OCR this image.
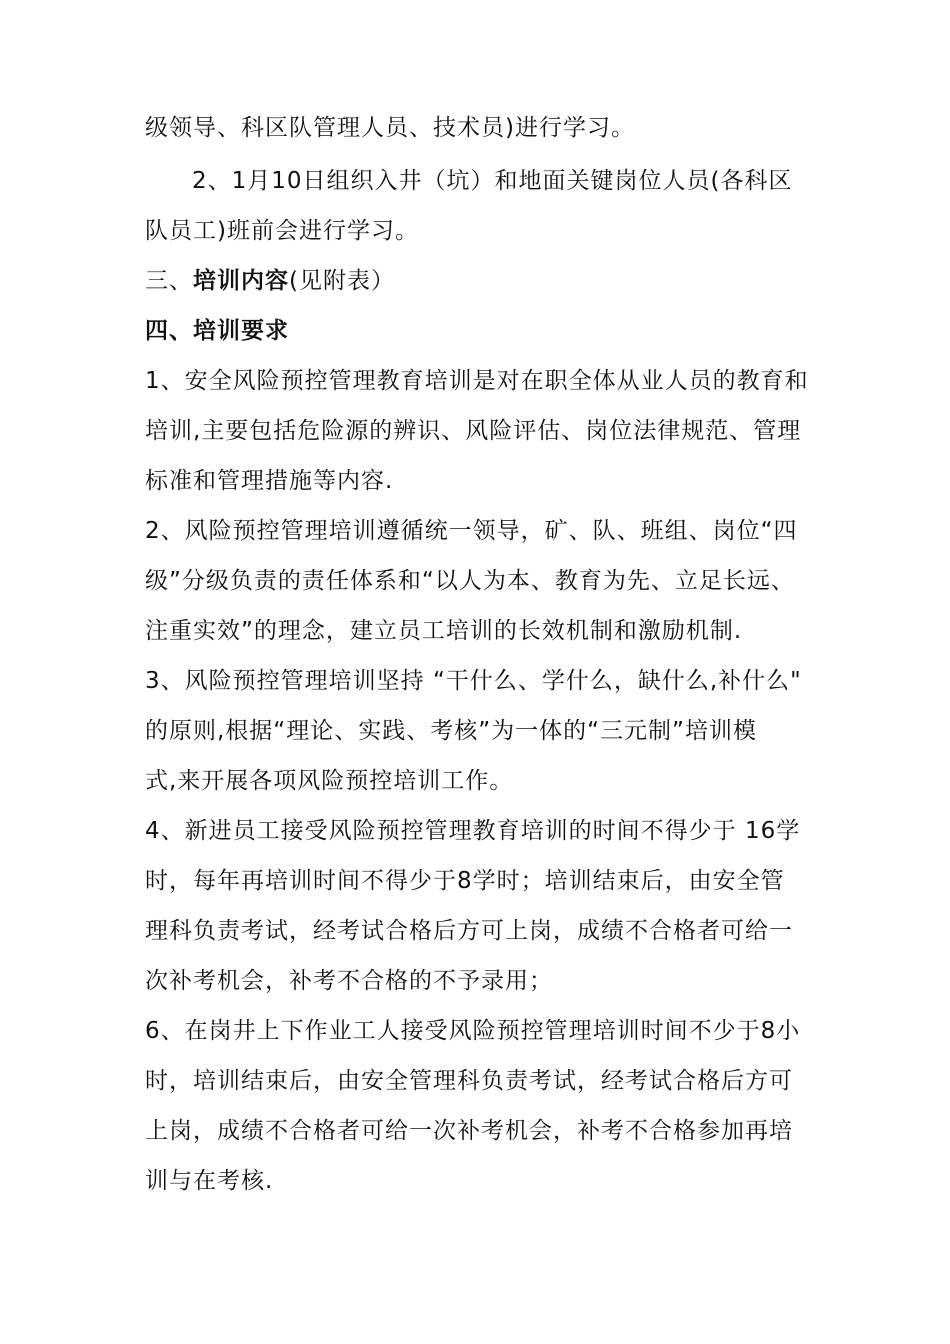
级领导、科区队管理人员、技术员)进行学习。
2、1月10日组织入井（坑）和地面关键岗位人员(各科区
队员工)班前会进行学习。
三、培训内容(见附表）
四、培训要求
1、安全风险预控管理教育培训是对在职全体从业人员的教育和
培训,主要包括危险源的辨识、风险评估、岗位法律规范、管理
标准和管理措施等内容.
2、风险预控管理培训遵循统一领导，矿、队、班组、岗位“四
级”分级负责的责任体系和“以人为本、教育为先、立足长远、
注重实效”的理念，建立员工培训的长效机制和激励机制.
3、风险预控管理培训坚持 “干什么、学什么，缺什么,补什么"
的原则,根据“理论、实践、考核”为一体的“三元制”培训模
式,来开展各项风险预控培训工作。
4、新进员工接受风险预控管理教育培训的时间不得少于 16学
时，每年再培训时间不得少于8学时；培训结束后，由安全管
理科负责考试，经考试合格后方可上岗，成绩不合格者可给一
次补考机会，补考不合格的不予录用；
6、在岗井上下作业工人接受风险预控管理培训时间不少于8小
时，培训结束后，由安全管理科负责考试，经考试合格后方可
上岗，成绩不合格者可给一次补考机会，补考不合格参加再培
训与在考核.
